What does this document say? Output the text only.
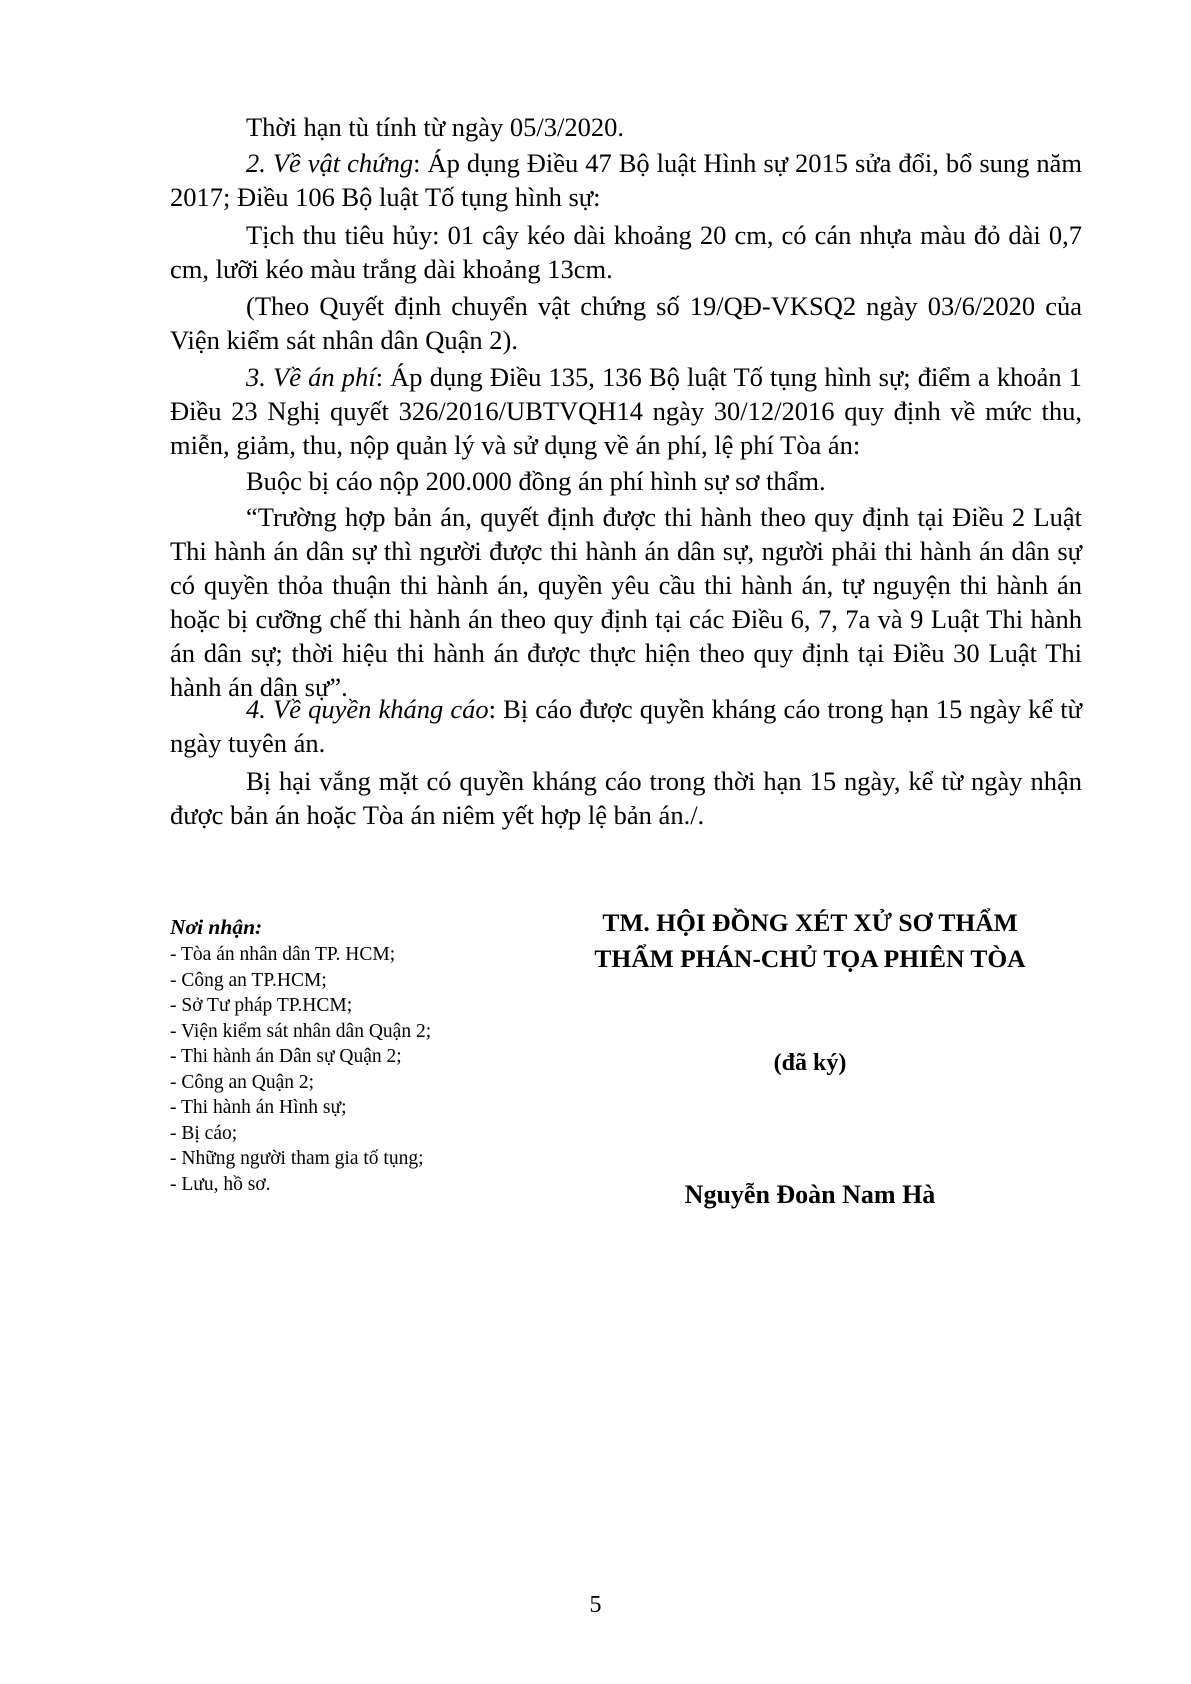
Thời hạn tù tính từ ngày 05/3/2020.

2. Về vật chứng: Áp dụng Điều 47 Bộ luật Hình sự 2015 sửa đổi, bổ sung năm 2017; Điều 106 Bộ luật Tố tụng hình sự:

Tịch thu tiêu hủy: 01 cây kéo dài khoảng 20 cm, có cán nhựa màu đỏ dài 0,7 cm, lưỡi kéo màu trắng dài khoảng 13cm.

(Theo Quyết định chuyển vật chứng số 19/QĐ-VKSQ2 ngày 03/6/2020 của Viện kiểm sát nhân dân Quận 2).

3. Về án phí: Áp dụng Điều 135, 136 Bộ luật Tố tụng hình sự; điểm a khoản 1 Điều 23 Nghị quyết 326/2016/UBTVQH14 ngày 30/12/2016 quy định về mức thu, miễn, giảm, thu, nộp quản lý và sử dụng về án phí, lệ phí Tòa án:

Buộc bị cáo nộp 200.000 đồng án phí hình sự sơ thẩm.

“Trường hợp bản án, quyết định được thi hành theo quy định tại Điều 2 Luật Thi hành án dân sự thì người được thi hành án dân sự, người phải thi hành án dân sự có quyền thỏa thuận thi hành án, quyền yêu cầu thi hành án, tự nguyện thi hành án hoặc bị cưỡng chế thi hành án theo quy định tại các Điều 6, 7, 7a và 9 Luật Thi hành án dân sự; thời hiệu thi hành án được thực hiện theo quy định tại Điều 30 Luật Thi hành án dân sự”.

4. Về quyền kháng cáo: Bị cáo được quyền kháng cáo trong hạn 15 ngày kể từ ngày tuyên án.

Bị hại vắng mặt có quyền kháng cáo trong thời hạn 15 ngày, kể từ ngày nhận được bản án hoặc Tòa án niêm yết hợp lệ bản án./.

Nơi nhận:

- Tòa án nhân dân TP. HCM;
- Công an TP.HCM;
- Sở Tư pháp TP.HCM;
- Viện kiểm sát nhân dân Quận 2;
- Thi hành án Dân sự Quận 2;
- Công an Quận 2;
- Thi hành án Hình sự;
- Bị cáo;
- Những người tham gia tố tụng;
- Lưu, hồ sơ.

TM. HỘI ĐỒNG XÉT XỬ SƠ THẨM

THẨM PHÁN-CHỦ TỌA PHIÊN TÒA

(đã ký)

Nguyễn Đoàn Nam Hà

5
